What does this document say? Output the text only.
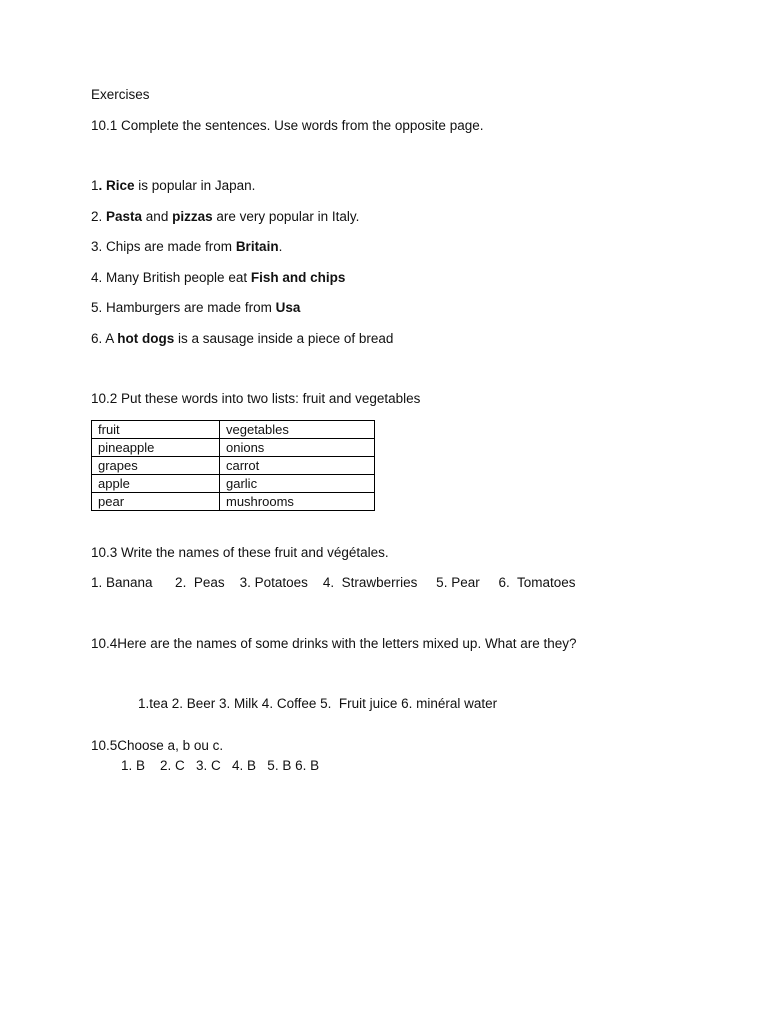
Exercises
10.1 Complete the sentences. Use words from the opposite page.
1. Rice is popular in Japan.
2. Pasta and pizzas are very popular in Italy.
3. Chips are made from Britain.
4. Many British people eat Fish and chips
5. Hamburgers are made from Usa
6. A hot dogs is a sausage inside a piece of bread
10.2 Put these words into two lists: fruit and vegetables
fruit	vegetables
pineapple	onions
grapes	carrot
apple	garlic
pear	mushrooms
10.3 Write the names of these fruit and végétales.
1. Banana      2.  Peas    3. Potatoes    4.  Strawberries     5. Pear     6.  Tomatoes
10.4Here are the names of some drinks with the letters mixed up. What are they?
1.tea 2. Beer 3. Milk 4. Coffee 5.  Fruit juice 6. minéral water
10.5Choose a, b ou c.
1. B    2. C   3. C   4. B   5. B 6. B
